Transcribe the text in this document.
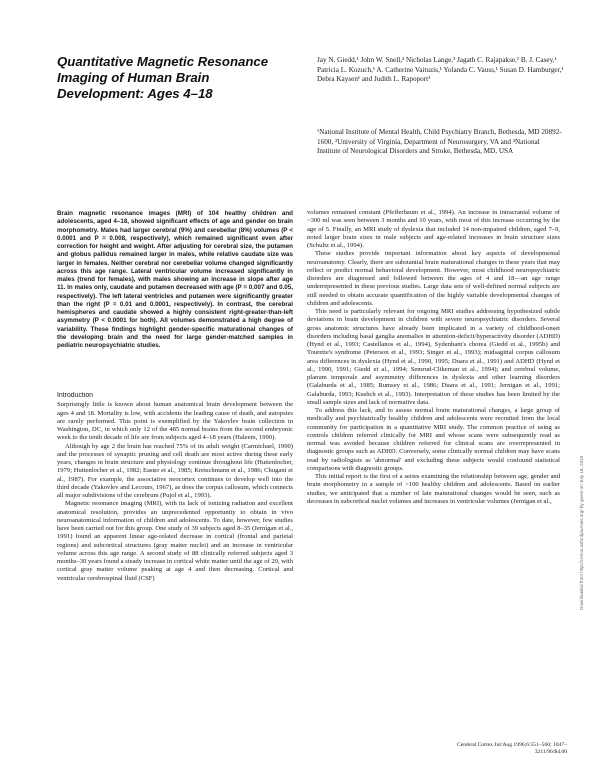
Quantitative Magnetic Resonance Imaging of Human Brain Development: Ages 4–18

Jay N. Giedd,¹ John W. Snell,² Nicholas Lange,³ Jagath C. Rajapakse,¹ B. J. Casey,¹ Patricia L. Kozuch,¹ A. Catherine Vaituzis,¹ Yolanda C. Vauss,¹ Susan D. Hamburger,¹ Debra Kaysen¹ and Judith L. Rapoport¹

¹National Institute of Mental Health, Child Psychiatry Branch, Bethesda, MD 20892-1600, ²University of Virginia, Department of Neurosurgery, VA and ³National Institute of Neurological Disorders and Stroke, Bethesda, MD, USA

Brain magnetic resonance images (MRI) of 104 healthy children and adolescents, aged 4–18, showed significant effects of age and gender on brain morphometry. Males had larger cerebral (9%) and cerebellar (8%) volumes (P < 0.0001 and P = 0.008, respectively), which remained significant even after correction for height and weight. After adjusting for cerebral size, the putamen and globus pallidus remained larger in males, while relative caudate size was larger in females. Neither cerebral nor cerebellar volume changed significantly across this age range. Lateral ventricular volume increased significantly in males (trend for females), with males showing an increase in slope after age 11. In males only, caudate and putamen decreased with age (P = 0.007 and 0.05, respectively). The left lateral ventricles and putamen were significantly greater than the right (P = 0.01 and 0.0001, respectively). In contrast, the cerebral hemispheres and caudate showed a highly consistent right-greater-than-left asymmetry (P < 0.0001 for both). All volumes demonstrated a high degree of variability. These findings highlight gender-specific maturational changes of the developing brain and the need for large gender-matched samples in pediatric neuropsychiatric studies.

Introduction

Surprisingly little is known about human anatomical brain development between the ages 4 and 18. Mortality is low, with accidents the leading cause of death, and autopsies are rarely performed. This point is exemplified by the Yakovlev brain collection in Washington, DC, in which only 12 of the 485 normal brains from the second embryonic week to the tenth decade of life are from subjects aged 4–18 years (Haleem, 1990).

Although by age 2 the brain has reached 75% of its adult weight (Carmichael, 1990) and the processes of synaptic pruning and cell death are most active during these early years, changes in brain structure and physiology continue throughout life (Huttenlocher, 1979; Huttenlocher et al., 1982; Easter et al., 1985; Kretschmann et al., 1986; Chugani et al., 1987). For example, the associative neocortex continues to develop well into the third decade (Yakovlev and Lecours, 1967), as does the corpus callosum, which connects all major subdivisions of the cerebrum (Pujol et al., 1993).

Magnetic resonance imaging (MRI), with its lack of ionizing radiation and excellent anatomical resolution, provides an unprecedented opportunity to obtain in vivo neuroanatomical information of children and adolescents. To date, however, few studies have been carried out for this group. One study of 39 subjects aged 8–35 (Jernigan et al., 1991) found an apparent linear age-related decrease in cortical (frontal and parietal regions) and subcortical structures (gray matter nuclei) and an increase in ventricular volume across this age range. A second study of 88 clinically referred subjects aged 3 months–30 years found a steady increase in cortical white matter until the age of 20, with cortical gray matter volume peaking at age 4 and then decreasing. Cortical and ventricular cerebrospinal fluid (CSF)

volumes remained constant (Pfefferbaum et al., 1994). An increase in intracranial volume of ~300 ml was seen between 3 months and 10 years, with most of this increase occurring by the age of 5. Finally, an MRI study of dyslexia that included 14 non-impaired children, aged 7–9, noted larger brain sizes in male subjects and age-related increases in brain structure sizes (Schultz et al., 1994).

These studies provide important information about key aspects of developmental neuroanatomy. Clearly, there are substantial brain maturational changes in these years that may reflect or predict normal behavioral development. However, most childhood neuropsychiatric disorders are diagnosed and followed between the ages of 4 and 18—an age range underrepresented in these previous studies. Large data sets of well-defined normal subjects are still needed to obtain accurate quantification of the highly variable developmental changes of children and adolescents.

This need is particularly relevant for ongoing MRI studies addressing hypothesized subtle deviations in brain development in children with severe neuropsychiatric disorders. Several gross anatomic structures have already been implicated in a variety of childhood-onset disorders including basal ganglia anomalies in attention-deficit/hyperactivity disorder (ADHD) (Hynd et al., 1993; Castellanos et al., 1994), Sydenham's chorea (Giedd et al., 1995b) and Tourette's syndrome (Peterson et al., 1993; Singer et al., 1993); midsagittal corpus callosum area differences in dyslexia (Hynd et al., 1990, 1995; Duara et al., 1991) and ADHD (Hynd et al., 1990, 1991; Giedd et al., 1994; Semrud-Clikeman et al., 1994); and cerebral volume, planum temporale and asymmetry differences in dyslexia and other learning disorders (Galaburda et al., 1985; Rumsey et al., 1986; Duara et al., 1991; Jernigan et al., 1991; Galaburda, 1993; Kushch et al., 1993). Interpretation of these studies has been limited by the small sample sizes and lack of normative data.

To address this lack, and to assess normal brain maturational changes, a large group of medically and psychiatrically healthy children and adolescents were recruited from the local community for participation in a quantitative MRI study. The common practice of using as controls children referred clinically for MRI and whose scans were subsequently read as normal was avoided because children referred for clinical scans are overrepresented in diagnostic groups such as ADHD. Conversely, some clinically normal children may have scans read by radiologists as 'abnormal' and excluding these subjects would confound statistical comparisons with diagnostic groups.

This initial report is the first of a series examining the relationship between age, gender and brain morphometry in a sample of >100 healthy children and adolescents. Based on earlier studies, we anticipated that a number of late maturational changes would be seen, such as decreases in subcortical nuclei volumes and increases in ventricular volumes (Jernigan et al.,

Cerebral Cortex Jul/Aug 1996;6:551–560; 1047–3211/96/$4.00
Downloaded from http://cercor.oxfordjournals.org/ by guest on July 16, 2015
